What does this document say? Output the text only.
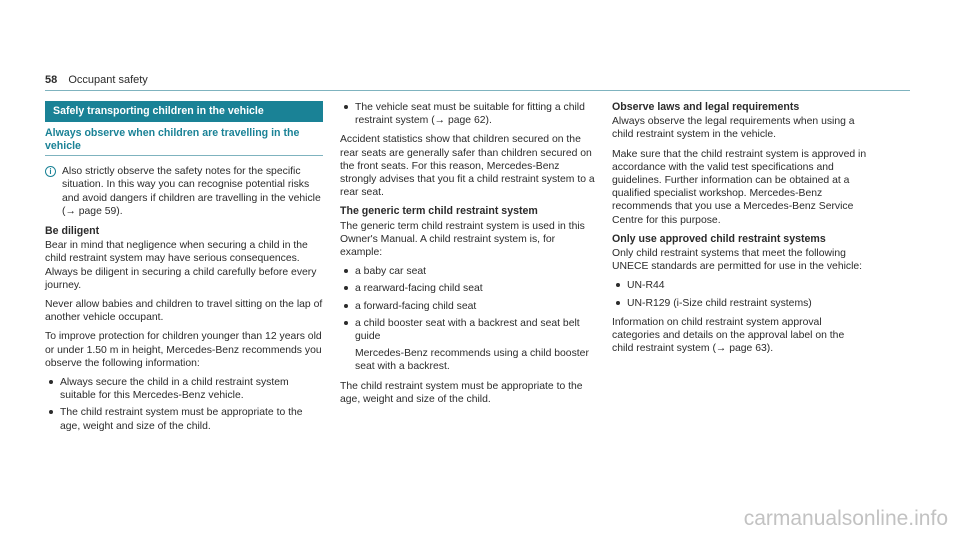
58 Occupant safety
Safely transporting children in the vehicle
Always observe when children are travelling in the vehicle
i Also strictly observe the safety notes for the specific situation. In this way you can recognise potential risks and avoid dangers if children are travelling in the vehicle (→ page 59).
Be diligent

Bear in mind that negligence when securing a child in the child restraint system may have serious consequences. Always be diligent in securing a child carefully before every journey.

Never allow babies and children to travel sitting on the lap of another vehicle occupant.

To improve protection for children younger than 12 years old or under 1.50 m in height, Mercedes-Benz recommends you observe the following information:

Always secure the child in a child restraint system suitable for this Mercedes-Benz vehicle.
The child restraint system must be appropriate to the age, weight and size of the child.
The vehicle seat must be suitable for fitting a child restraint system (→ page 62).

Accident statistics show that children secured on the rear seats are generally safer than children secured on the front seats. For this reason, Mercedes-Benz strongly advises that you fit a child restraint system to a rear seat.

The generic term child restraint system

The generic term child restraint system is used in this Owner's Manual. A child restraint system is, for example:

a baby car seat
a rearward-facing child seat
a forward-facing child seat
a child booster seat with a backrest and seat belt guide
Mercedes-Benz recommends using a child booster seat with a backrest.

The child restraint system must be appropriate to the age, weight and size of the child.

Observe laws and legal requirements

Always observe the legal requirements when using a child restraint system in the vehicle.

Make sure that the child restraint system is approved in accordance with the valid test specifications and guidelines. Further information can be obtained at a qualified specialist workshop. Mercedes-Benz recommends that you use a Mercedes-Benz Service Centre for this purpose.

Only use approved child restraint systems

Only child restraint systems that meet the following UNECE standards are permitted for use in the vehicle:

UN-R44
UN-R129 (i-Size child restraint systems)

Information on child restraint system approval categories and details on the approval label on the child restraint system (→ page 63).

carmanualsonline.info
